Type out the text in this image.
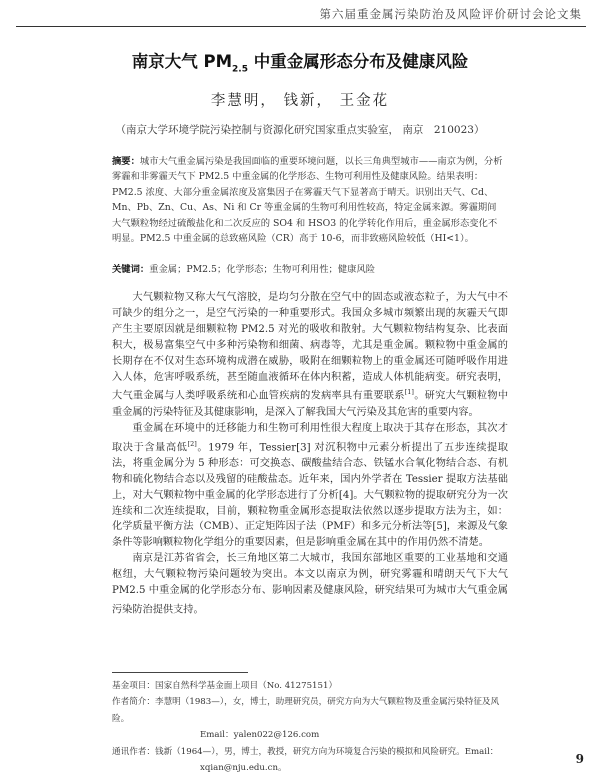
第六届重金属污染防治及风险评价研讨会论文集
南京大气 $PM_{2.5}$ 中重金属形态分布及健康风险
李慧明， 钱新， 王金花
（南京大学环境学院污染控制与资源化研究国家重点实验室， 南京　210023）
摘要：城市大气重金属污染是我国面临的重要环境问题，以长三角典型城市——南京为例，分析雾霾和非雾霾天气下 PM2.5 中重金属的化学形态、生物可利用性及健康风险。结果表明：PM2.5 浓度、大部分重金属浓度及富集因子在雾霾天气下显著高于晴天。识别出天气、Cd、Mn、Pb、Zn、Cu、As、Ni 和 Cr 等重金属的生物可利用性较高，特定金属来源。雾霾期间大气颗粒物经过硫酸盐化和二次反应的 SO4 和 HSO3 的化学转化作用后，重金属形态变化不明显。PM2.5 中重金属的总致癌风险（CR）高于 10-6，而非致癌风险较低（HI<1）。
关键词：重金属；PM2.5；化学形态；生物可利用性；健康风险

大气颗粒物又称大气气溶胶，是均匀分散在空气中的固态或液态粒子，为大气中不可缺少的组分之一，是空气污染的一种重要形式。我国众多城市频繁出现的灰霾天气即产生主要原因就是细颗粒物 PM2.5 对光的吸收和散射。大气颗粒物结构复杂、比表面积大，极易富集空气中多种污染物和细菌、病毒等，尤其是重金属。颗粒物中重金属的长期存在不仅对生态环境构成潜在威胁，吸附在细颗粒物上的重金属还可随呼吸作用进入人体，危害呼吸系统，甚至随血液循环在体内积蓄，造成人体机能病变。研究表明，大气重金属与人类呼吸系统和心血管疾病的发病率具有重要联系[1]。研究大气颗粒物中重金属的污染特征及其健康影响，是深入了解我国大气污染及其危害的重要内容。

重金属在环境中的迁移能力和生物可利用性很大程度上取决于其存在形态，其次才取决于含量高低[2]。1979 年，Tessier[3] 对沉积物中元素分析提出了五步连续提取法，将重金属分为 5 种形态：可交换态、碳酸盐结合态、铁锰水合氧化物结合态、有机物和硫化物结合态以及残留的硅酸盐态。近年来，国内外学者在 Tessier 提取方法基础上，对大气颗粒物中重金属的化学形态进行了分析[4]。大气颗粒物的提取研究分为一次连续和二次连续提取，目前，颗粒物重金属形态提取法依然以逐步提取方法为主，如：化学质量平衡方法（CMB）、正定矩阵因子法（PMF）和多元分析法等[5]，来源及气象条件等影响颗粒物化学组分的重要因素，但是影响重金属在其中的作用仍然不清楚。

南京是江苏省省会，长三角地区第二大城市，我国东部地区重要的工业基地和交通枢纽，大气颗粒物污染问题较为突出。本文以南京为例，研究雾霾和晴朗天气下大气 PM2.5 中重金属的化学形态分布、影响因素及健康风险，研究结果可为城市大气重金属污染防治提供支持。

基金项目：国家自然科学基金面上项目（No. 41275151）
作者简介：李慧明（1983—），女，博士，助理研究员，研究方向为大气颗粒物及重金属污染特征及风险。
Email：yalen022@126.com
通讯作者：钱新（1964—），男，博士，教授，研究方向为环境复合污染的模拟和风险研究。Email：
xqian@nju.edu.cn。
9
